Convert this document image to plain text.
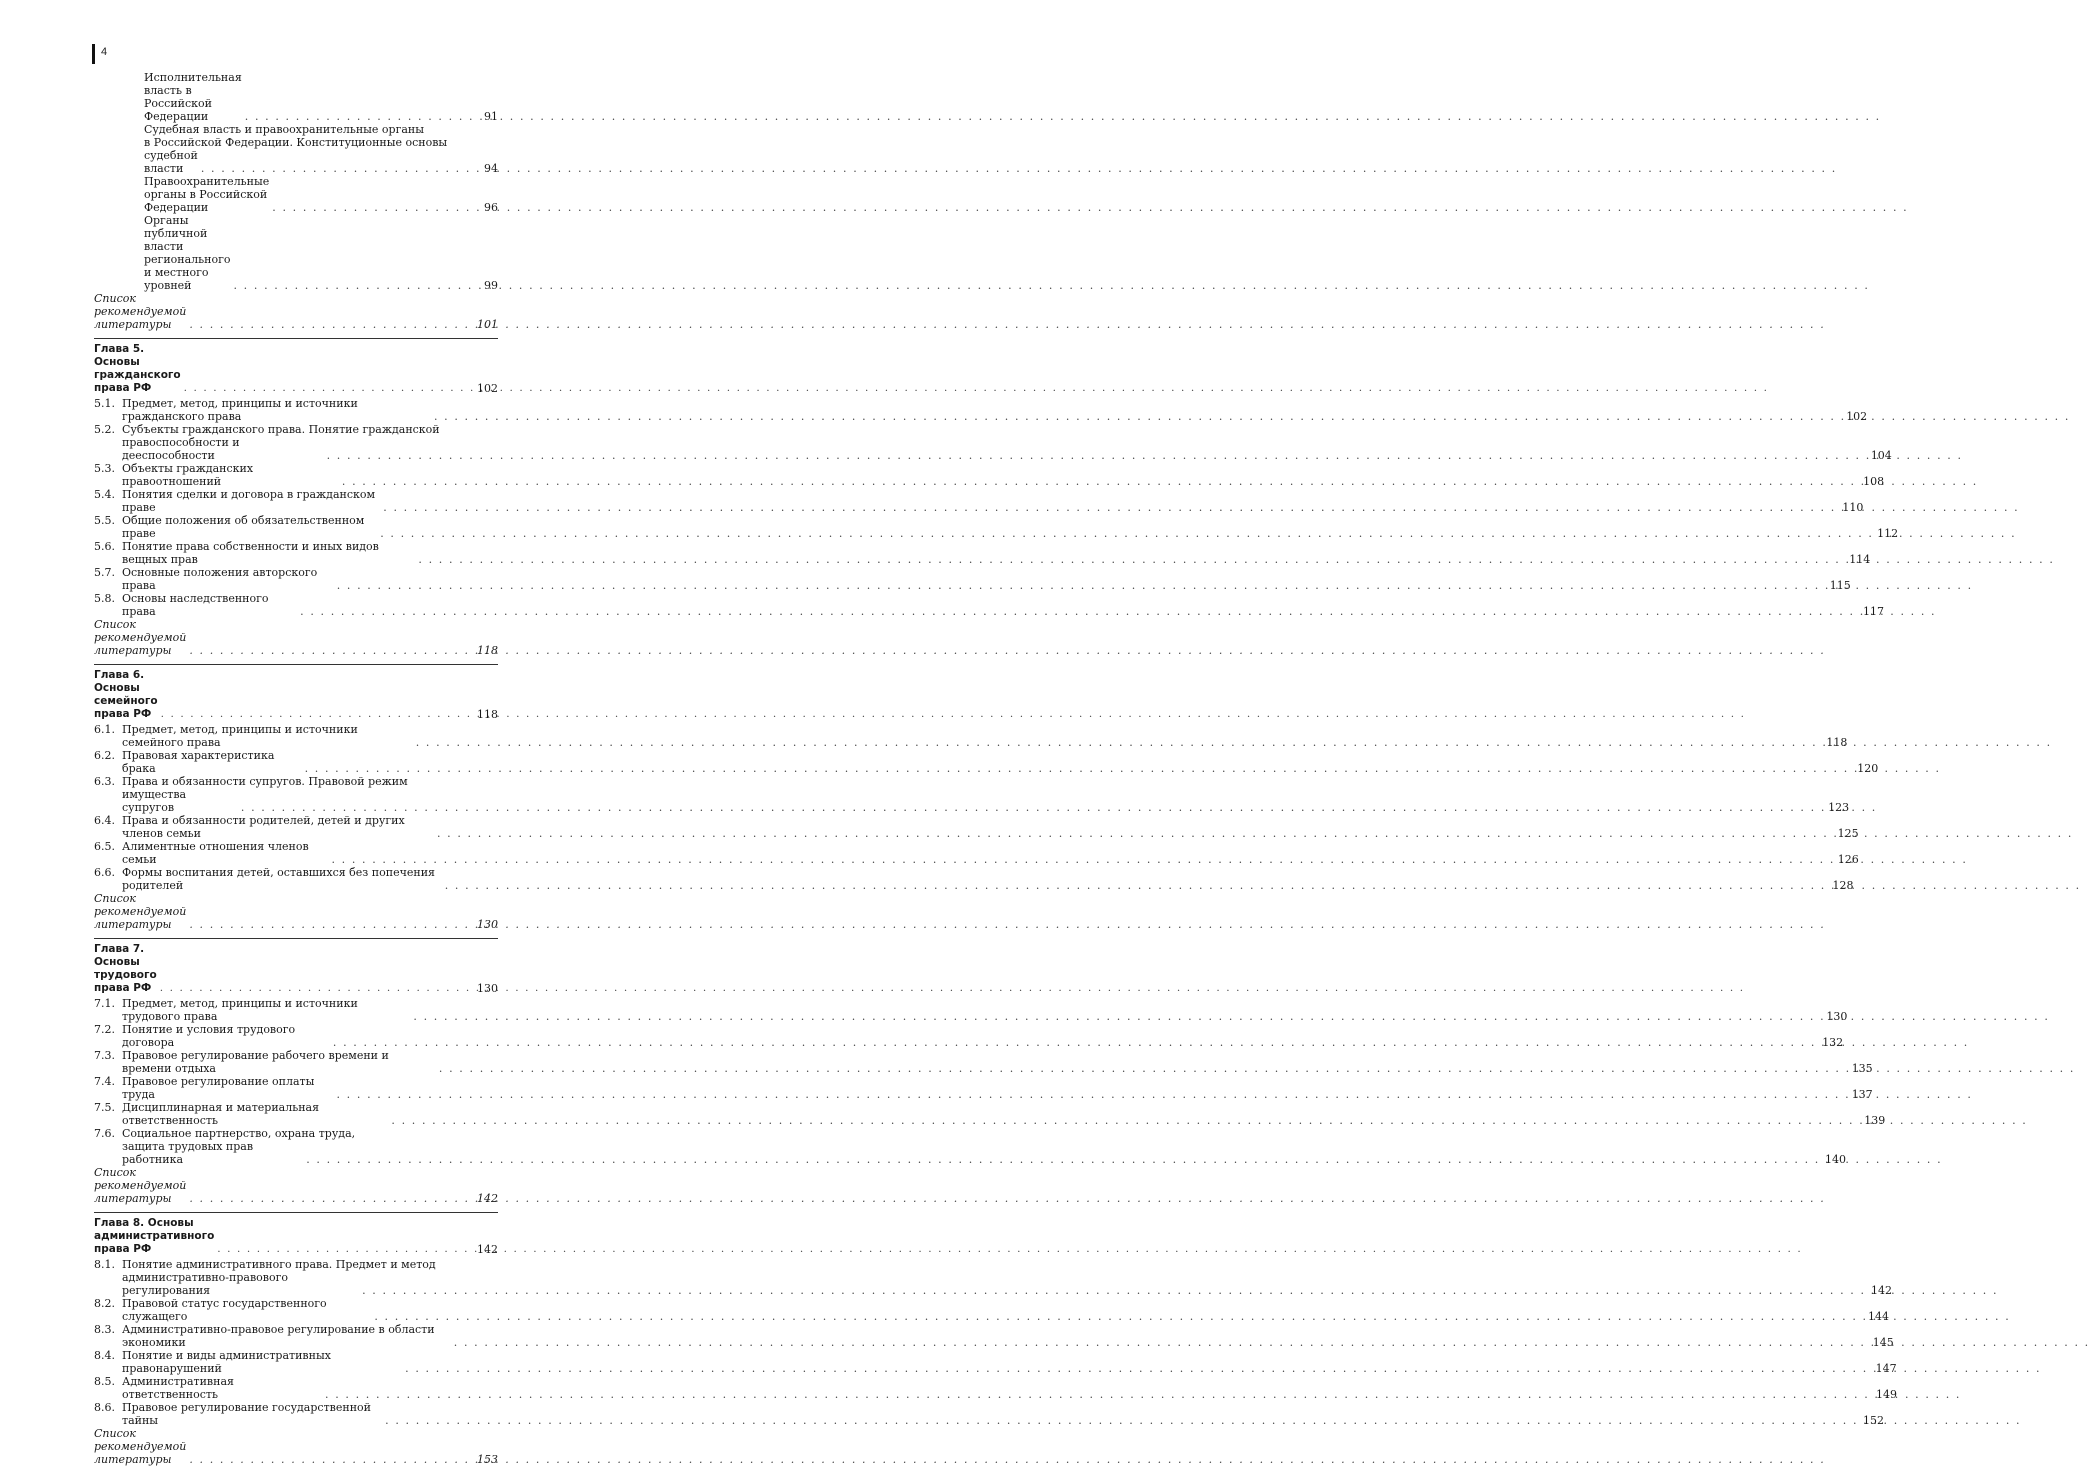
4
Исполнительная власть в Российской Федерации . . .	91
Судебная власть и правоохранительные органы
в Российской Федерации. Конституционные основы
судебной власти . . .	94
Правоохранительные органы в Российской Федерации . . .	96
Органы публичной власти регионального и местного уровней . . .	99
Список рекомендуемой литературы . . .	101
Глава 5. Основы гражданского права РФ . . .	102
5.1. Предмет, метод, принципы и источники гражданского права . . .	102
5.2. Субъекты гражданского права. Понятие гражданской
правоспособности и дееспособности . . .	104
5.3. Объекты гражданских правоотношений . . .	108
5.4. Понятия сделки и договора в гражданском праве . . .	110
5.5. Общие положения об обязательственном праве . . .	112
5.6. Понятие права собственности и иных видов вещных прав . . .	114
5.7. Основные положения авторского права . . .	115
5.8. Основы наследственного права . . .	117
Список рекомендуемой литературы . . .	118
Глава 6. Основы семейного права РФ . . .	118
6.1. Предмет, метод, принципы и источники семейного права . . .	118
6.2. Правовая характеристика брака . . .	120
6.3. Права и обязанности супругов. Правовой режим
имущества супругов . . .	123
6.4. Права и обязанности родителей, детей и других членов семьи . . .	125
6.5. Алиментные отношения членов семьи . . .	126
6.6. Формы воспитания детей, оставшихся без попечения родителей . . .	128
Список рекомендуемой литературы . . .	130
Глава 7. Основы трудового права РФ . . .	130
7.1. Предмет, метод, принципы и источники трудового права . . .	130
7.2. Понятие и условия трудового договора . . .	132
7.3. Правовое регулирование рабочего времени и времени отдыха . . .	135
7.4. Правовое регулирование оплаты труда . . .	137
7.5. Дисциплинарная и материальная ответственность . . .	139
7.6. Социальное партнерство, охрана труда,
защита трудовых прав работника . . .	140
Список рекомендуемой литературы . . .	142
Глава 8. Основы административного права РФ . . .	142
8.1. Понятие административного права. Предмет и метод
административно-правового регулирования . . .	142
8.2. Правовой статус государственного служащего . . .	144
8.3. Административно-правовое регулирование в области экономики . . .	145
8.4. Понятие и виды административных правонарушений . . .	147
8.5. Административная ответственность . . .	149
8.6. Правовое регулирование государственной тайны . . .	152
Список рекомендуемой литературы . . .	153
